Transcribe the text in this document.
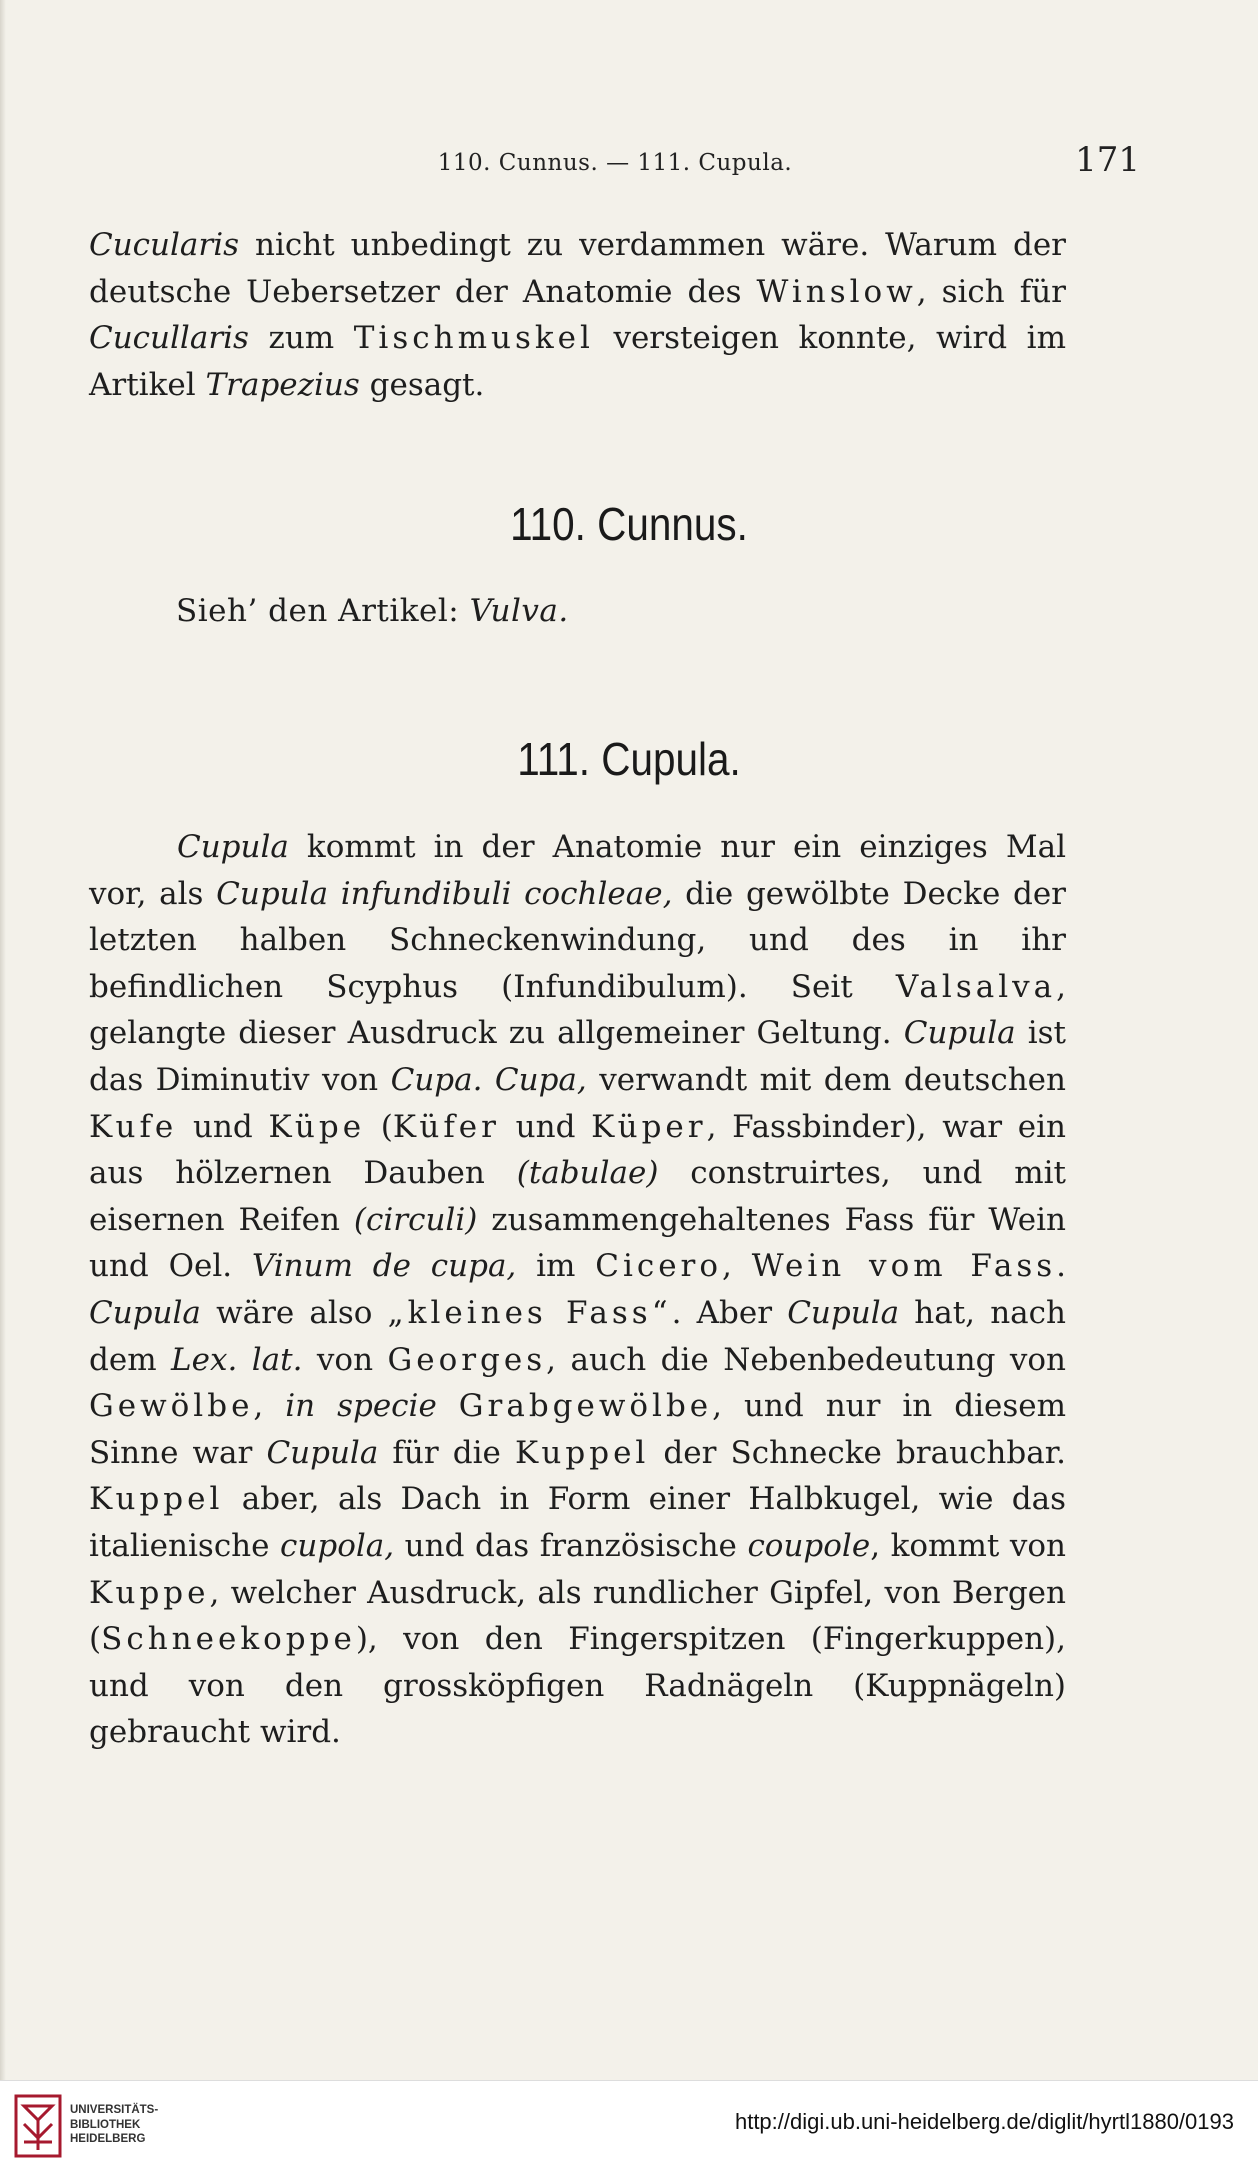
110. Cunnus. — 111. Cupula.	171

Cucularis nicht unbedingt zu verdammen wäre. Warum der deutsche Uebersetzer der Anatomie des Winslow, sich für Cucullaris zum Tischmuskel versteigen konnte, wird im Artikel Trapezius gesagt.

110. Cunnus.
Sieh’ den Artikel: Vulva.
111. Cupula.

Cupula kommt in der Anatomie nur ein einziges Mal vor, als Cupula infundibuli cochleae, die gewölbte Decke der letzten halben Schneckenwindung, und des in ihr befindlichen Scyphus (Infundibulum). Seit Valsalva, gelangte dieser Ausdruck zu allgemeiner Geltung. Cupula ist das Diminutiv von Cupa. Cupa, verwandt mit dem deutschen Kufe und Küpe (Küfer und Küper, Fassbinder), war ein aus hölzernen Dauben (tabulae) construirtes, und mit eisernen Reifen (circuli) zusammengehaltenes Fass für Wein und Oel. Vinum de cupa, im Cicero, Wein vom Fass. Cupula wäre also „kleines Fass“. Aber Cupula hat, nach dem Lex. lat. von Georges, auch die Nebenbedeutung von Gewölbe, in specie Grabgewölbe, und nur in diesem Sinne war Cupula für die Kuppel der Schnecke brauchbar. Kuppel aber, als Dach in Form einer Halbkugel, wie das italienische cupola, und das französische coupole, kommt von Kuppe, welcher Ausdruck, als rundlicher Gipfel, von Bergen (Schneekoppe), von den Fingerspitzen (Fingerkuppen), und von den grossköpfigen Radnägeln (Kuppnägeln) gebraucht wird.

UNIVERSITÄTS-
BIBLIOTHEK
HEIDELBERG
http://digi.ub.uni-heidelberg.de/diglit/hyrtl1880/0193
